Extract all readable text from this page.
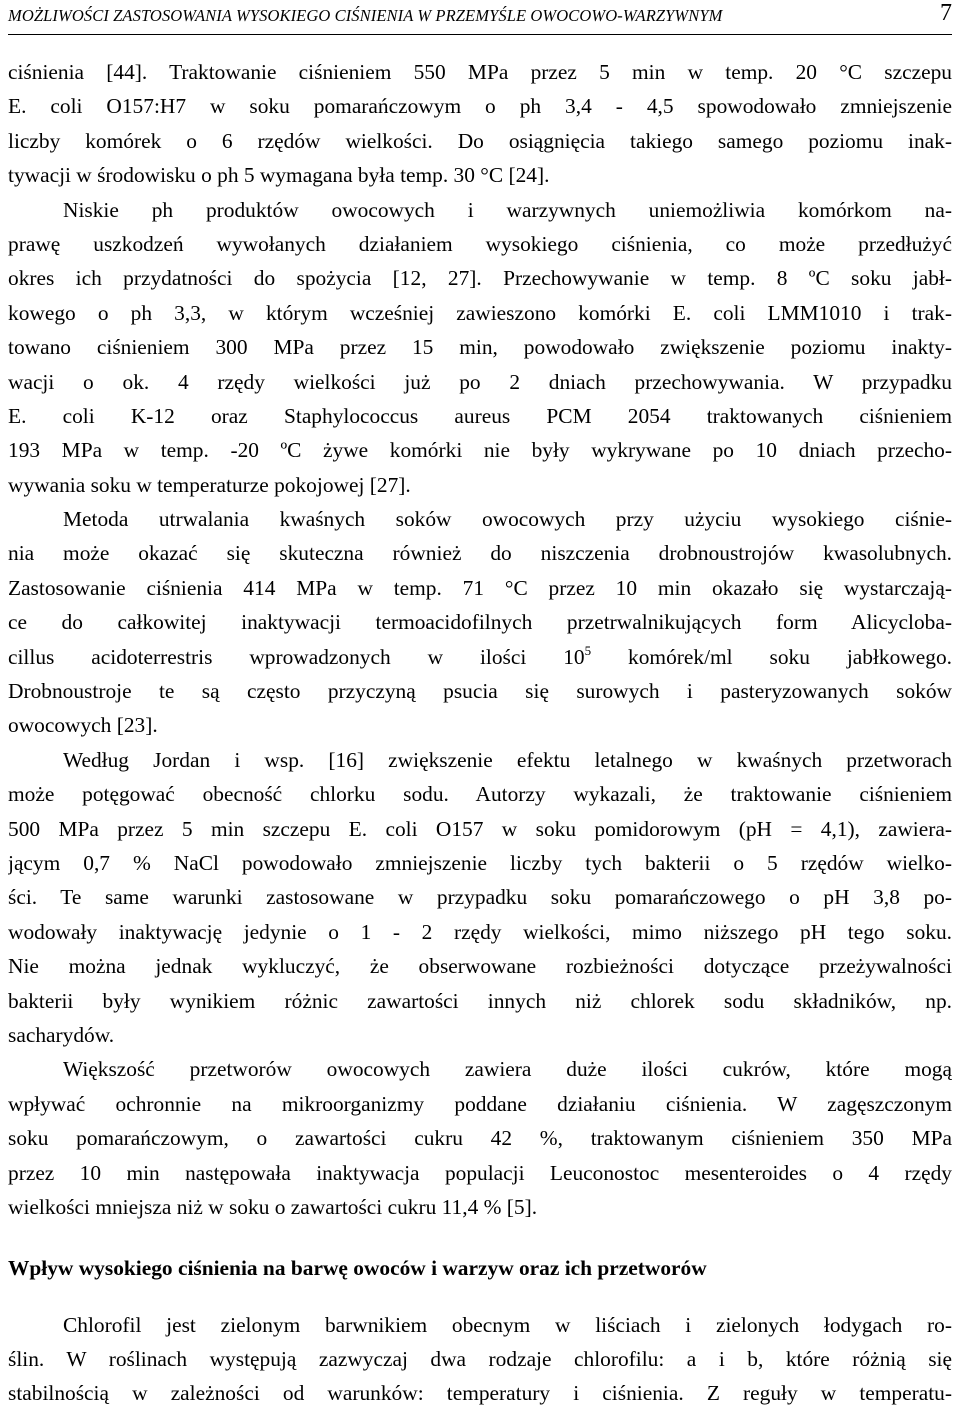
MOŻLIWOŚCI ZASTOSOWANIA WYSOKIEGO CIŚNIENIA W PRZEMYŚLE OWOCOWO-WARZYWNYM	7
ciśnienia [44]. Traktowanie ciśnieniem 550 MPa przez 5 min w temp. 20 °C szczepu
E. coli O157:H7 w soku pomarańczowym o ph 3,4 - 4,5 spowodowało zmniejszenie
liczby komórek o 6 rzędów wielkości. Do osiągnięcia takiego samego poziomu inak-
tywacji w środowisku o ph 5 wymagana była temp. 30 °C [24].
Niskie ph produktów owocowych i warzywnych uniemożliwia komórkom na-
prawę uszkodzeń wywołanych działaniem wysokiego ciśnienia, co może przedłużyć
okres ich przydatności do spożycia [12, 27]. Przechowywanie w temp. 8 ºC soku jabł-
kowego o ph 3,3, w którym wcześniej zawieszono komórki E. coli LMM1010 i trak-
towano ciśnieniem 300 MPa przez 15 min, powodowało zwiększenie poziomu inakty-
wacji o ok. 4 rzędy wielkości już po 2 dniach przechowywania. W przypadku
E. coli K-12 oraz Staphylococcus aureus PCM 2054 traktowanych ciśnieniem
193 MPa w temp. -20 ºC żywe komórki nie były wykrywane po 10 dniach przecho-
wywania soku w temperaturze pokojowej [27].
Metoda utrwalania kwaśnych soków owocowych przy użyciu wysokiego ciśnie-
nia może okazać się skuteczna również do niszczenia drobnoustrojów kwasolubnych.
Zastosowanie ciśnienia 414 MPa w temp. 71 °C przez 10 min okazało się wystarczają-
ce do całkowitej inaktywacji termoacidofilnych przetrwalnikujących form Alicycloba-
cillus acidoterrestris wprowadzonych w ilości $10^5$ komórek/ml soku jabłkowego.
Drobnoustroje te są często przyczyną psucia się surowych i pasteryzowanych soków
owocowych [23].
Według Jordan i wsp. [16] zwiększenie efektu letalnego w kwaśnych przetworach
może potęgować obecność chlorku sodu. Autorzy wykazali, że traktowanie ciśnieniem
500 MPa przez 5 min szczepu E. coli O157 w soku pomidorowym (pH = 4,1), zawiera-
jącym 0,7 % NaCl powodowało zmniejszenie liczby tych bakterii o 5 rzędów wielko-
ści. Te same warunki zastosowane w przypadku soku pomarańczowego o pH 3,8 po-
wodowały inaktywację jedynie o 1 - 2 rzędy wielkości, mimo niższego pH tego soku.
Nie można jednak wykluczyć, że obserwowane rozbieżności dotyczące przeżywalności
bakterii były wynikiem różnic zawartości innych niż chlorek sodu składników, np.
sacharydów.
Większość przetworów owocowych zawiera duże ilości cukrów, które mogą
wpływać ochronnie na mikroorganizmy poddane działaniu ciśnienia. W zagęszczonym
soku pomarańczowym, o zawartości cukru 42 %, traktowanym ciśnieniem 350 MPa
przez 10 min następowała inaktywacja populacji Leuconostoc mesenteroides o 4 rzędy
wielkości mniejsza niż w soku o zawartości cukru 11,4 % [5].
Wpływ wysokiego ciśnienia na barwę owoców i warzyw oraz ich przetworów
Chlorofil jest zielonym barwnikiem obecnym w liściach i zielonych łodygach ro-
ślin. W roślinach występują zazwyczaj dwa rodzaje chlorofilu: a i b, które różnią się
stabilnością w zależności od warunków: temperatury i ciśnienia. Z reguły w temperatu-
